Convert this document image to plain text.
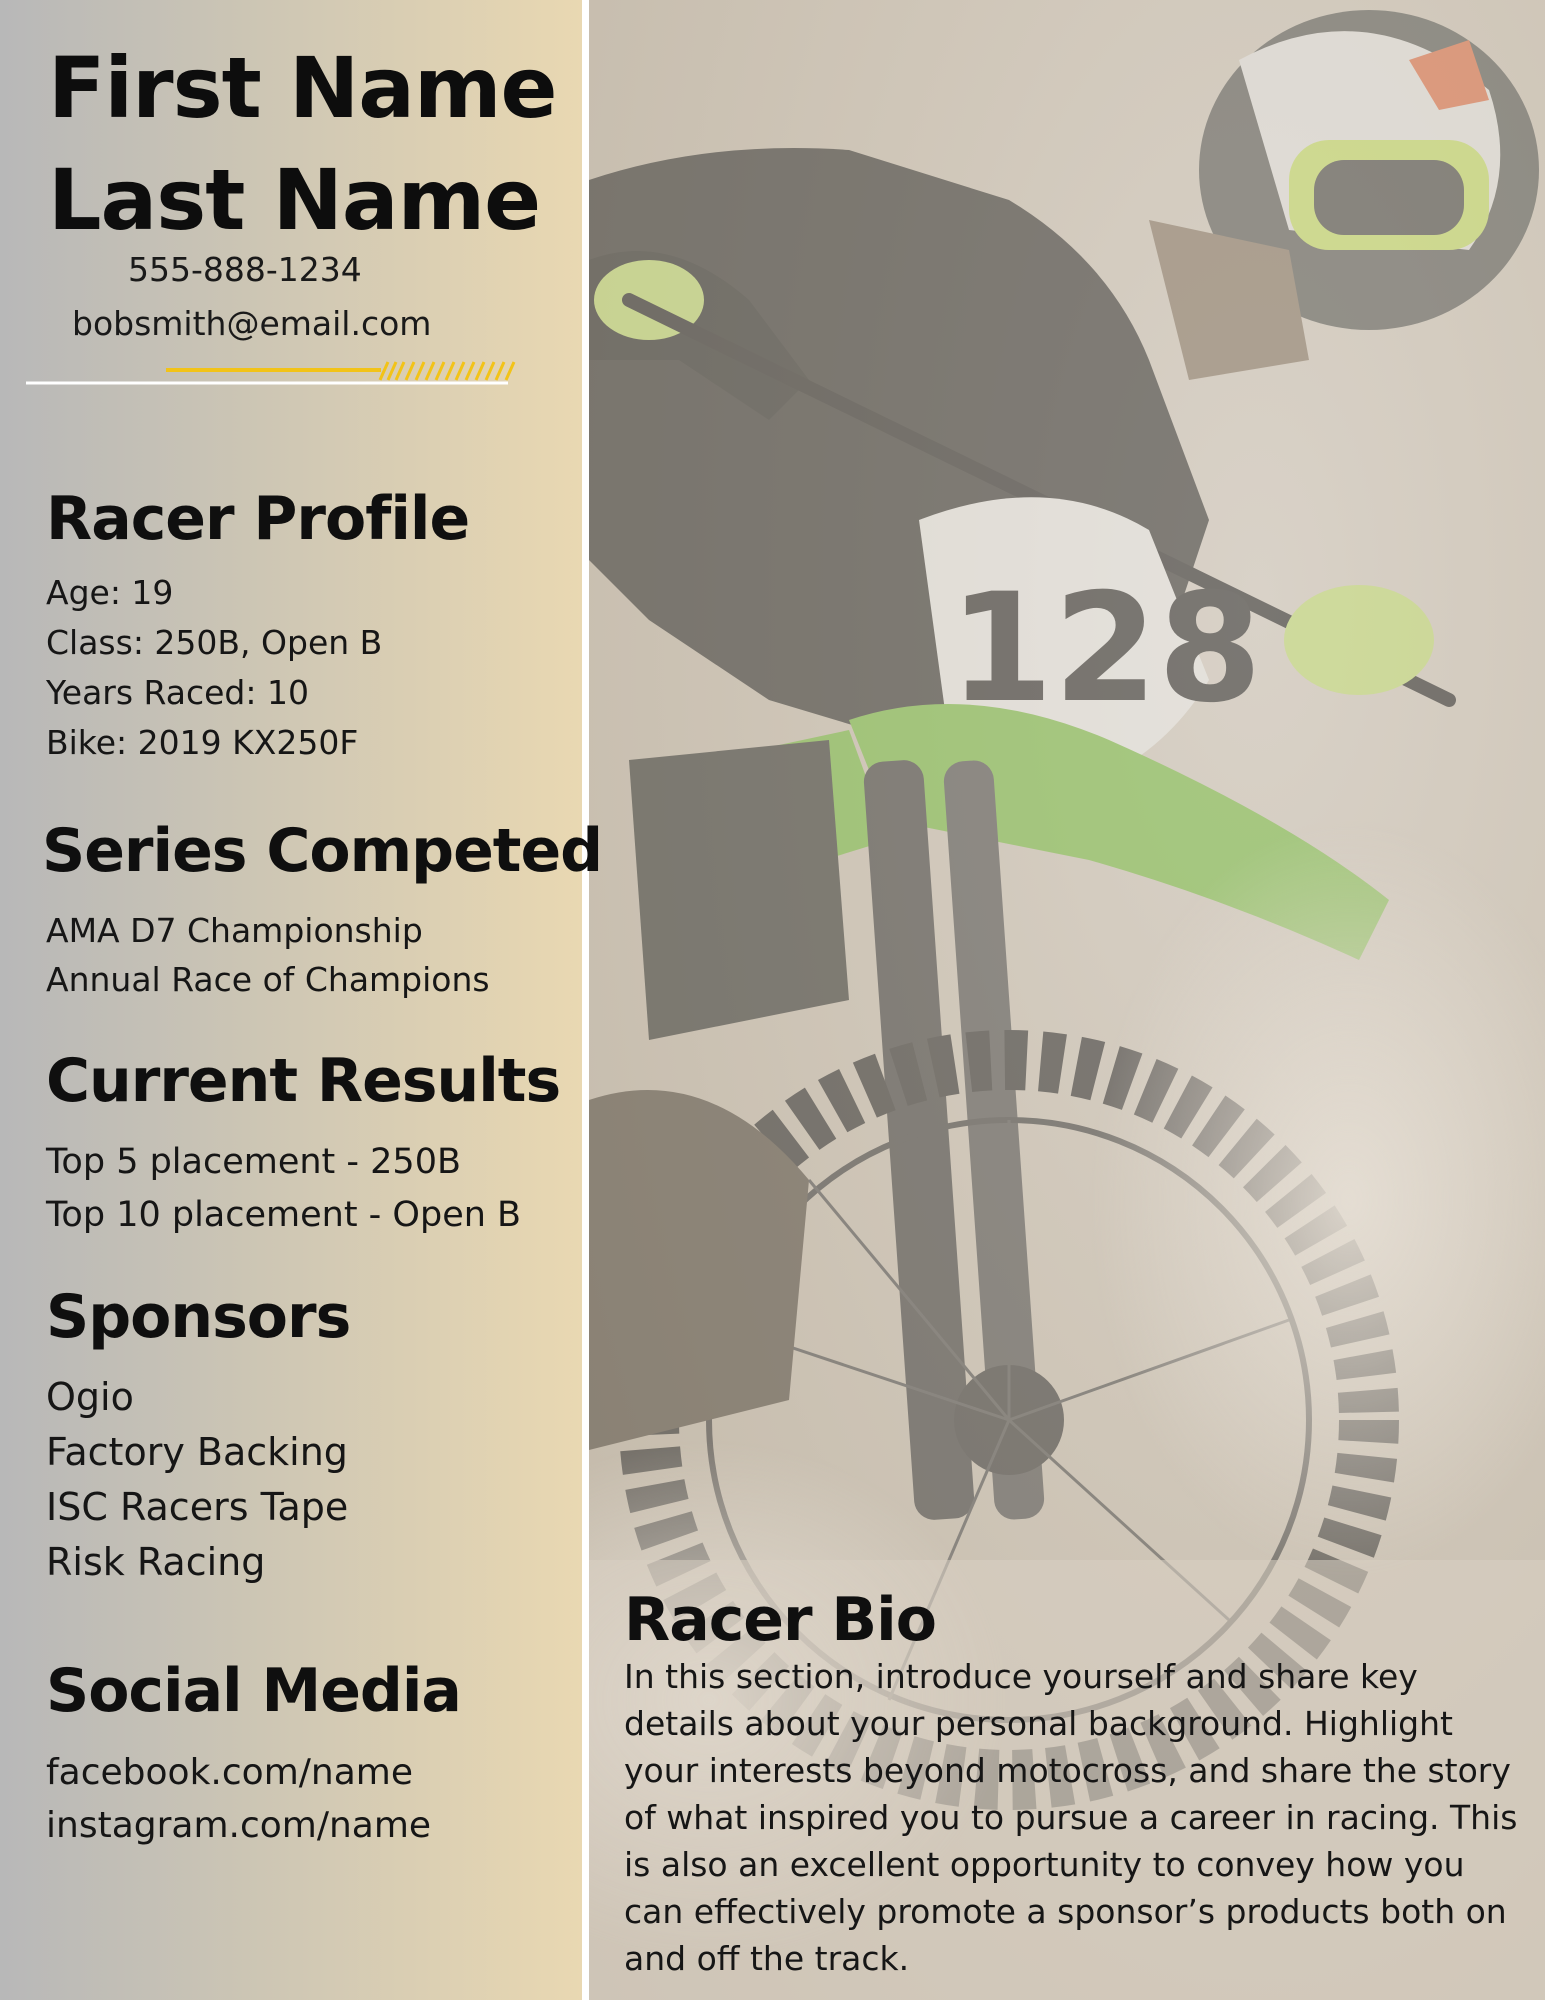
128
First Name
Last Name
555-888-1234
bobsmith@email.com
Racer Profile
Age: 19
Class: 250B, Open B
Years Raced: 10
Bike: 2019 KX250F
Series Competed
AMA D7 Championship
Annual Race of Champions
Current Results
Top 5 placement - 250B
Top 10 placement - Open B
Sponsors
Ogio
Factory Backing
ISC Racers Tape
Risk Racing
Social Media
facebook.com/name
instagram.com/name
Racer Bio
In this section, introduce yourself and share key details about your personal background. Highlight your interests beyond motocross, and share the story of what inspired you to pursue a career in racing. This is also an excellent opportunity to convey how you can effectively promote a sponsor’s products both on and off the track.
